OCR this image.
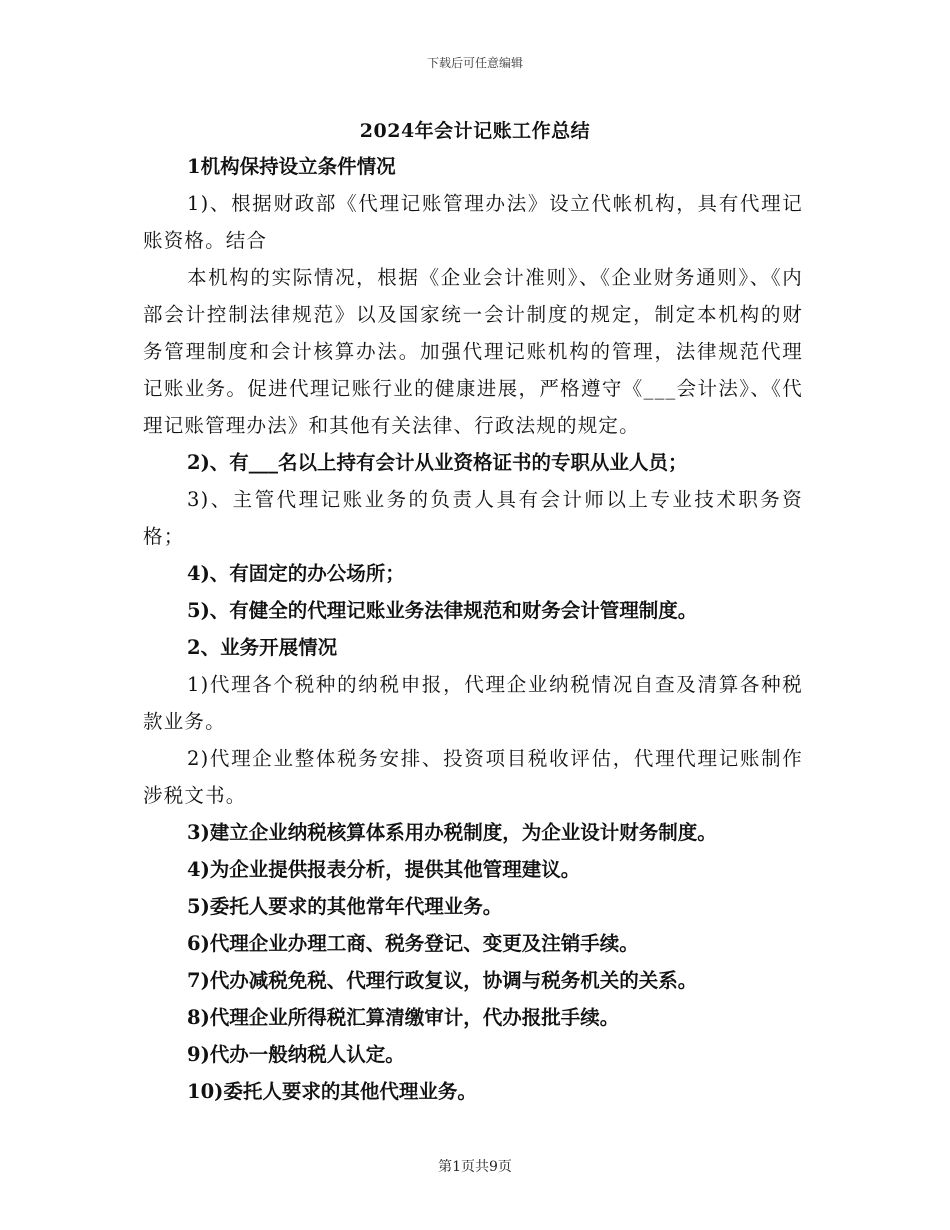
下载后可任意编辑
2024年会计记账工作总结

1机构保持设立条件情况

1)、根据财政部《代理记账管理办法》设立代帐机构，具有代理记账资格。结合

本机构的实际情况，根据《企业会计准则》、《企业财务通则》、《内部会计控制法律规范》以及国家统一会计制度的规定，制定本机构的财务管理制度和会计核算办法。加强代理记账机构的管理，法律规范代理记账业务。促进代理记账行业的健康进展，严格遵守《___会计法》、《代理记账管理办法》和其他有关法律、行政法规的规定。

2)、有___名以上持有会计从业资格证书的专职从业人员；

3)、主管代理记账业务的负责人具有会计师以上专业技术职务资格；

4)、有固定的办公场所；

5)、有健全的代理记账业务法律规范和财务会计管理制度。

2、业务开展情况

1)代理各个税种的纳税申报，代理企业纳税情况自查及清算各种税款业务。

2)代理企业整体税务安排、投资项目税收评估，代理代理记账制作涉税文书。

3)建立企业纳税核算体系用办税制度，为企业设计财务制度。

4)为企业提供报表分析，提供其他管理建议。

5)委托人要求的其他常年代理业务。

6)代理企业办理工商、税务登记、变更及注销手续。

7)代办减税免税、代理行政复议，协调与税务机关的关系。

8)代理企业所得税汇算清缴审计，代办报批手续。

9)代办一般纳税人认定。

10)委托人要求的其他代理业务。

第1页共9页
